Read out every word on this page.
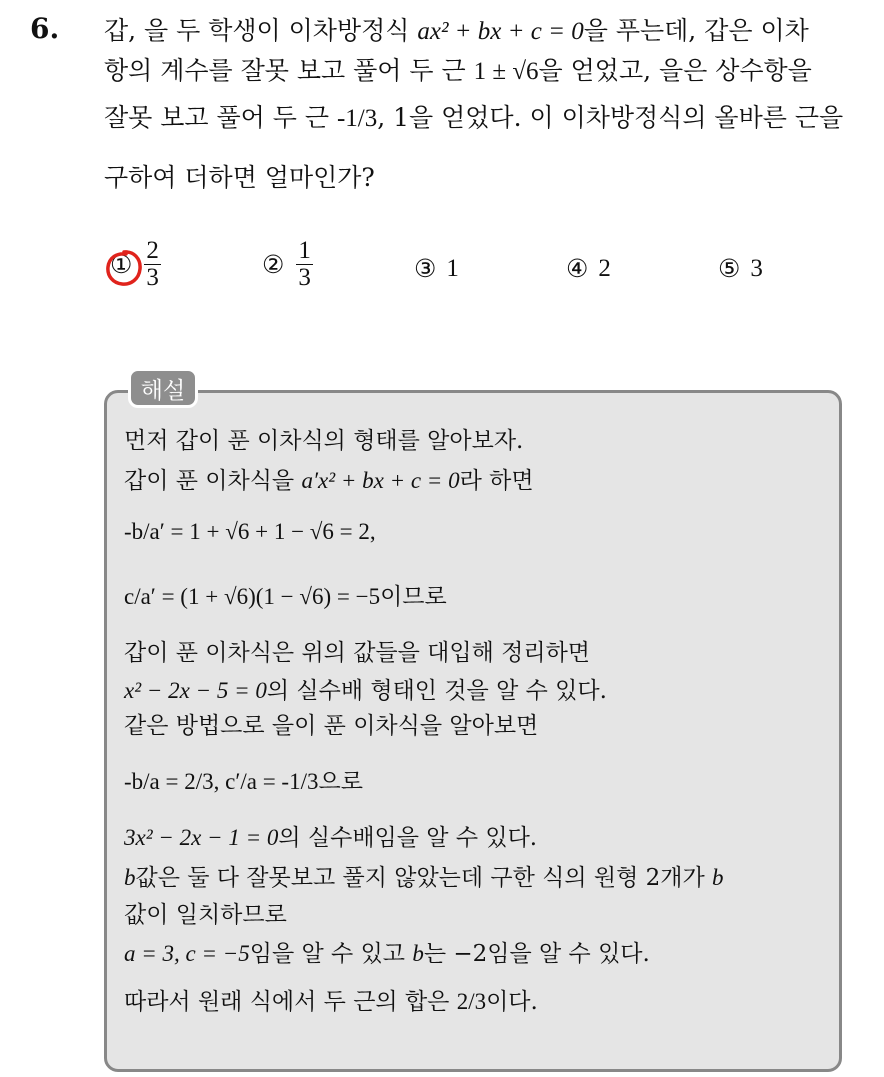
6. 갑, 을 두 학생이 이차방정식 ax² + bx + c = 0을 푸는데, 갑은 이차
항의 계수를 잘못 보고 풀어 두 근 1 ± √6을 얻었고, 을은 상수항을
잘못 보고 풀어 두 근 -1/3, 1을 얻었다. 이 이차방정식의 올바른 근을
구하여 더하면 얼마인가?
① $\frac{2}{3}$	② $\frac{1}{3}$	③ 1	④ 2	⑤ 3
해설
먼저 갑이 푼 이차식의 형태를 알아보자.
갑이 푼 이차식을 a′x² + bx + c = 0라 하면
-b/a′ = 1 + √6 + 1 − √6 = 2,
c/a′ = (1 + √6)(1 − √6) = −5이므로
갑이 푼 이차식은 위의 값들을 대입해 정리하면
x² − 2x − 5 = 0의 실수배 형태인 것을 알 수 있다.
같은 방법으로 을이 푼 이차식을 알아보면
-b/a = 2/3, c′/a = -1/3으로
3x² − 2x − 1 = 0의 실수배임을 알 수 있다.
b값은 둘 다 잘못보고 풀지 않았는데 구한 식의 원형 2개가 b
값이 일치하므로
a = 3, c = −5임을 알 수 있고 b는 −2임을 알 수 있다.
따라서 원래 식에서 두 근의 합은 2/3이다.
